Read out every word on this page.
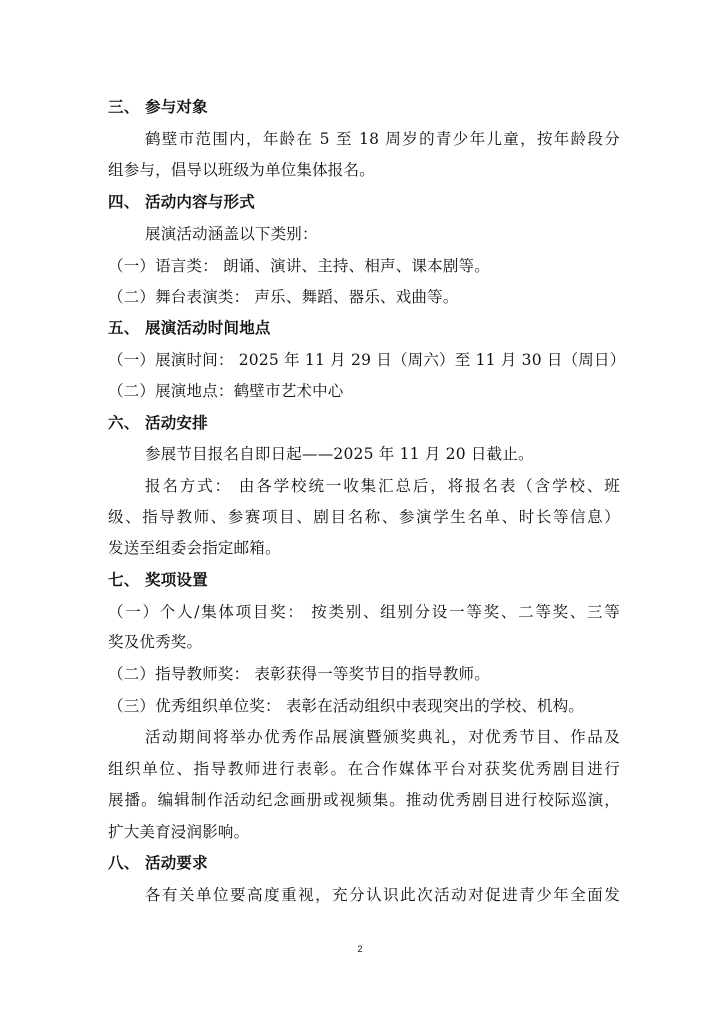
三、 参与对象
鹤壁市范围内，年龄在 5 至 18 周岁的青少年儿童，按年龄段分
组参与，倡导以班级为单位集体报名。
四、 活动内容与形式
展演活动涵盖以下类别：
（一）语言类： 朗诵、演讲、主持、相声、课本剧等。
（二）舞台表演类： 声乐、舞蹈、器乐、戏曲等。
五、 展演活动时间地点
（一）展演时间： 2025 年 11 月 29 日（周六）至 11 月 30 日（周日）
（二）展演地点：鹤壁市艺术中心
六、 活动安排
参展节目报名自即日起——2025 年 11 月 20 日截止。
报名方式： 由各学校统一收集汇总后，将报名表（含学校、班
级、指导教师、参赛项目、剧目名称、参演学生名单、时长等信息）
发送至组委会指定邮箱。
七、 奖项设置
（一）个人/集体项目奖： 按类别、组别分设一等奖、二等奖、三等
奖及优秀奖。
（二）指导教师奖： 表彰获得一等奖节目的指导教师。
（三）优秀组织单位奖： 表彰在活动组织中表现突出的学校、机构。
活动期间将举办优秀作品展演暨颁奖典礼，对优秀节目、作品及
组织单位、指导教师进行表彰。在合作媒体平台对获奖优秀剧目进行
展播。编辑制作活动纪念画册或视频集。推动优秀剧目进行校际巡演，
扩大美育浸润影响。
八、 活动要求
各有关单位要高度重视，充分认识此次活动对促进青少年全面发
2
